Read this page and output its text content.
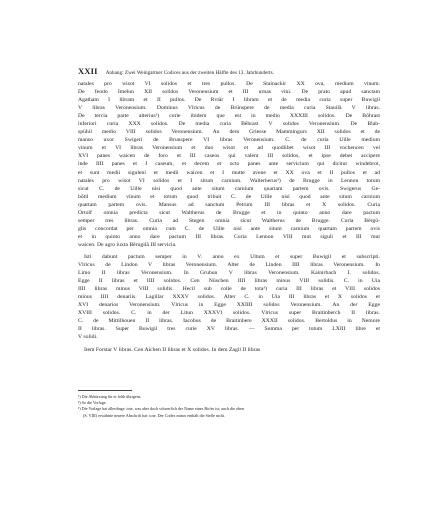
XXII Anhang: Zwei Weingartner Codices aus der zweiten Hälfte des 13. Jahrhunderts.
natales pro wisot VI solidos et tres pullos. De Stainackir XX ova, medium vinum.
De feodo Imelun XII solidos Veronensium et III urnas vini. De prato apud sanctam
Agatham I libram et II pullos. De Rvtär I libram et de media curia super Buwigil
V libras Veronensium. Dominus Vlricus de Brūnspere de media curia Stauilä V libras.
De tercia parte alterius¹) curie ibidem que est in medio XXXIII solidos. De Böhrast
inferiori curia XXX solidos. De media curia Bēhrast V solidos Veronensium. De Blah-
spühil medio VIII solidos Veronensium. An dem Griesse Mammingurs XII solidos et de
manso uxor Swigeri de Brunspere VI libras Veronensium. C. de curia Uille medium
vinum et VI libras Veronensium et duo wisot et ad quodlibet wisot III vochencen vel
XVI panes waicen de foro et III caseos qui valent III solidos, et ipse debet accipere
inde IIII panes et I caseum, et decem et octo panes ante servicium qui dicitur windebrot,
et sunt medii siguleni et medii waicen et I mutte avene et XX ova et II pullos et ad
natales pro wisot VI solidos et I situm carnium. Walterherus²) de Brugge in Lennon totum
sicut C. de Uille nisi quod ante situm carnium quartam partem ovis. Swigerus Ge-
bōtil medium vinum et totum quod tribuit C. de Uille nisi quod ante situm carnium
quartam partem ovis. Mansus ad sanctum Petrum III libras et X solidos. Curia
Ortolf omnia predicta sicut Waltherus de Brugge et in quinto anno dare pactum
semper tres libras. Curia ad Stegen omnia sicut Waltherus de Brugge. Curia Bērgū-
glis concordat per omnia cum C. de Uille nisi ante situm carnium quartam partem ovis
et in quinto anno dare pactum III libras. Curia Lennon VIII mut siguli et III mut
waicen. De agro iuxta Bērugilā III servicia.
Isti dabunt pactum semper in V. anno ex Ultum et super Buwigil et subscripti.
Vlricus de Lindon V libras Veronensium. Alter de Linden IIII libras Veronensium. In
Limo II libras Veronensium. In Grubun V libras Veronensium. Kainirbach I. solidos.
Egge II libras et IIII solidos. Cen Nüschen IIII libras minus VIII solidis. C. in Uia
IIII libras minus VIII solidis. Hecil sub colle de tota³) curia III libras et VIII solidos
minus IIII denariis. Lagillar XXXV solidos. Alter C. in Uia III libras et X solidos et
XVI denarios Veronensium. Vlricus in Egge XXIIII solidos Veronensium. An der Egge
XVIII solidos. C. in der Litun XXXVI solidos. Vlricus super Braitinberch II libras.
C. de Mittilhouen II libras. Iacobus de Braitinbere XXXII solidos. Bertoldus in Nemore
II libras. Super Buwigil tres curie XV libras. — Summa per totum LXIII libre et
V solidi.
Item Forstar V libras. Cen Aichen II libras et X solidos. In dem Zagil II libras
¹) Die Abkürzung für er fehlt übrigens.
²) So die Vorlage.
³) Die Vorlage hat allerdings: tote, was aber doch schwerlich der Name eines Hofes ist; auch die oben
(S. VIII) erwähnte neuere Abschrift hat: tote. Der Codex minor enthält die Stelle nicht.
